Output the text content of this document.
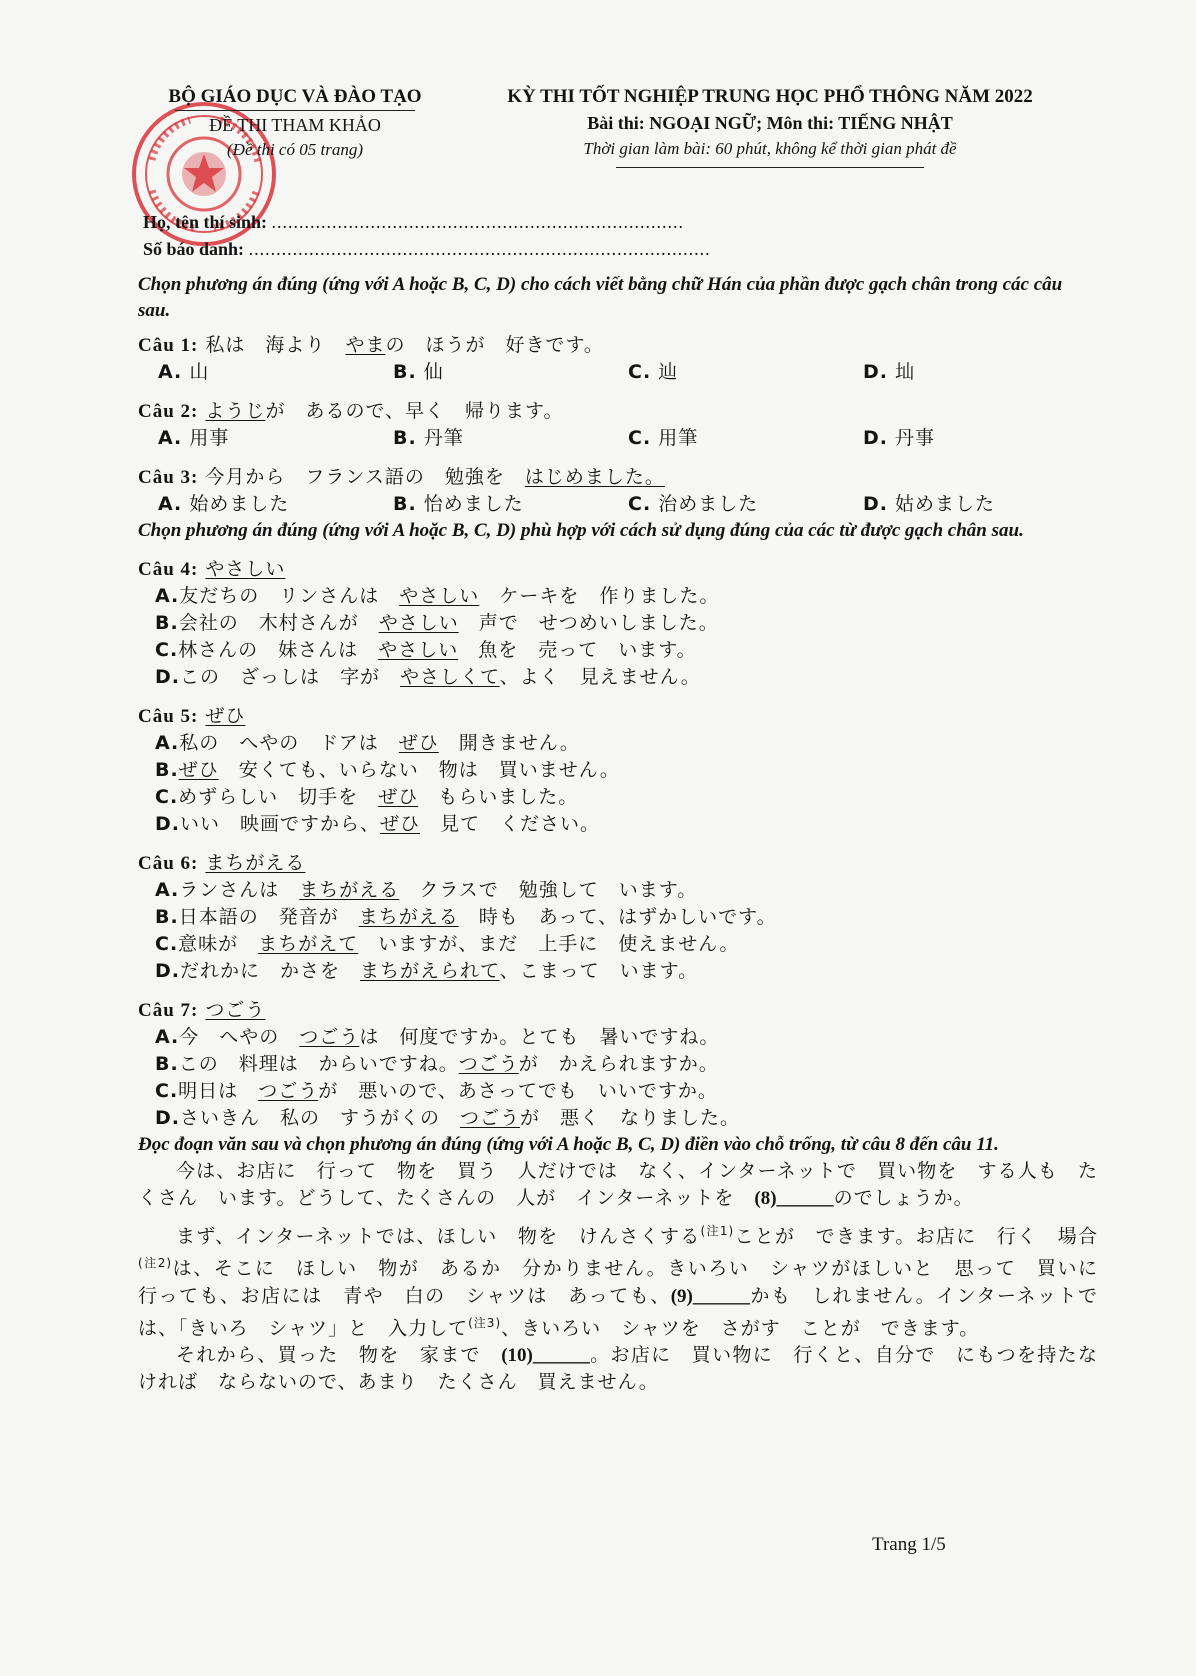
BỘ GIÁO DỤC VÀ ĐÀO TẠO
ĐỀ THI THAM KHẢO
(Đề thi có 05 trang)
KỲ THI TỐT NGHIỆP TRUNG HỌC PHỔ THÔNG NĂM 2022
Bài thi: NGOẠI NGỮ; Môn thi: TIẾNG NHẬT
Thời gian làm bài: 60 phút, không kể thời gian phát đề
Họ, tên thí sinh: ...........................................................................
Số báo danh: ....................................................................................
Chọn phương án đúng (ứng với A hoặc B, C, D) cho cách viết bằng chữ Hán của phần được gạch chân trong các câu sau.
Câu 1: 私は　海より　やまの　ほうが　好きです。
A. 山	B. 仙	C. 辿	D. 圸
Câu 2: ようじが　あるので、早く　帰ります。
A. 用事	B. 丹筆	C. 用筆	D. 丹事
Câu 3: 今月から　フランス語の　勉強を　はじめました。
A. 始めました	B. 怡めました	C. 治めました	D. 姑めました
Chọn phương án đúng (ứng với A hoặc B, C, D) phù hợp với cách sử dụng đúng của các từ được gạch chân sau.
Câu 4: やさしい
A.友だちの　リンさんは　やさしい　ケーキを　作りました。
B.会社の　木村さんが　やさしい　声で　せつめいしました。
C.林さんの　妹さんは　やさしい　魚を　売って　います。
D.この　ざっしは　字が　やさしくて、よく　見えません。
Câu 5: ぜひ
A.私の　へやの　ドアは　ぜひ　開きません。
B.ぜひ　安くても、いらない　物は　買いません。
C.めずらしい　切手を　ぜひ　もらいました。
D.いい　映画ですから、ぜひ　見て　ください。
Câu 6: まちがえる
A.ランさんは　まちがえる　クラスで　勉強して　います。
B.日本語の　発音が　まちがえる　時も　あって、はずかしいです。
C.意味が　まちがえて　いますが、まだ　上手に　使えません。
D.だれかに　かさを　まちがえられて、こまって　います。
Câu 7: つごう
A.今　へやの　つごうは　何度ですか。とても　暑いですね。
B.この　料理は　からいですね。つごうが　かえられますか。
C.明日は　つごうが　悪いので、あさってでも　いいですか。
D.さいきん　私の　すうがくの　つごうが　悪く　なりました。
Đọc đoạn văn sau và chọn phương án đúng (ứng với A hoặc B, C, D) điền vào chỗ trống, từ câu 8 đến câu 11.
今は、お店に　行って　物を　買う　人だけでは　なく、インターネットで　買い物を　する人も　たくさん　います。どうして、たくさんの　人が　インターネットを　(8)______のでしょうか。
まず、インターネットでは、ほしい　物を　けんさくする$^{(注1)}$ことが　できます。お店に　行く　場合$^{(注2)}$は、そこに　ほしい　物が　あるか　分かりません。きいろい　シャツがほしいと　思って　買いに　行っても、お店には　青や　白の　シャツは　あっても、(9)______かも　しれません。インターネットでは、「きいろ　シャツ」と　入力して$^{(注3)}$、きいろい　シャツを　さがす　ことが　できます。
それから、買った　物を　家まで　(10)______。お店に　買い物に　行くと、自分で　にもつを持たなければ　ならないので、あまり　たくさん　買えません。
Trang 1/5
